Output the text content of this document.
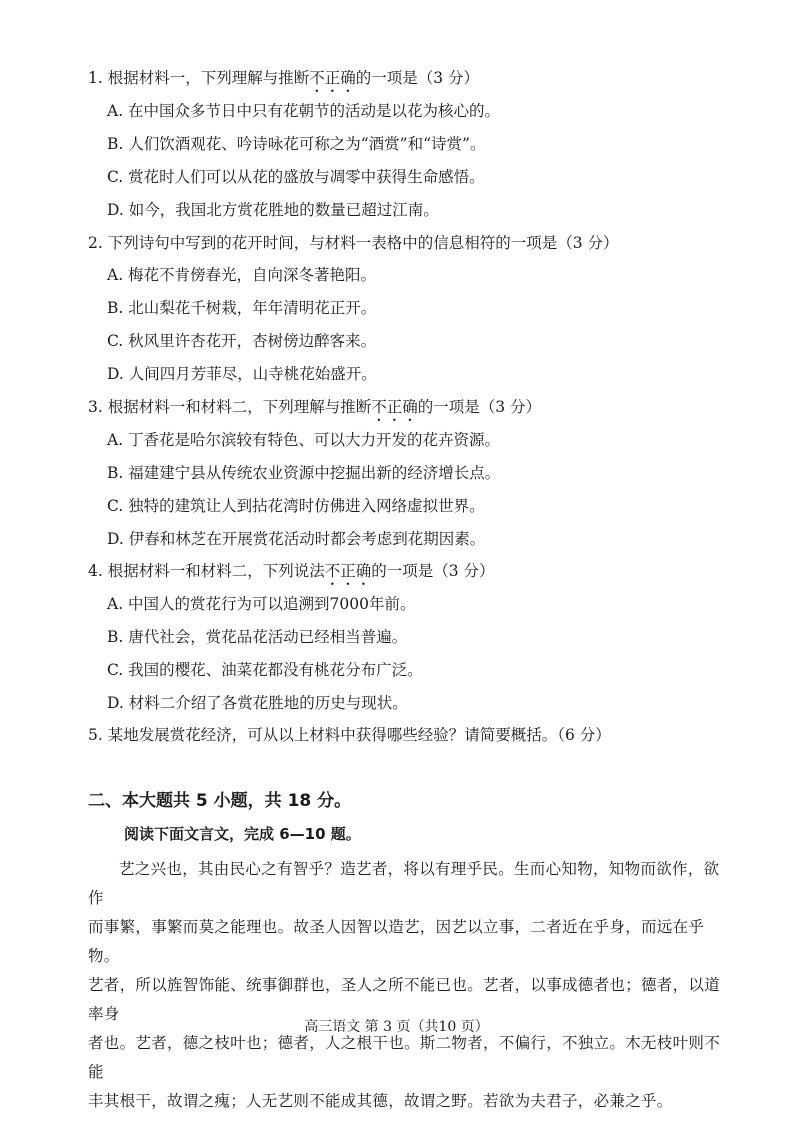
1. 根据材料一，下列理解与推断不正确的一项是（3 分）
A. 在中国众多节日中只有花朝节的活动是以花为核心的。
B. 人们饮酒观花、吟诗咏花可称之为“酒赏”和“诗赏”。
C. 赏花时人们可以从花的盛放与凋零中获得生命感悟。
D. 如今，我国北方赏花胜地的数量已超过江南。
2. 下列诗句中写到的花开时间，与材料一表格中的信息相符的一项是（3 分）
A. 梅花不肯傍春光，自向深冬著艳阳。
B. 北山梨花千树栽，年年清明花正开。
C. 秋风里许杏花开，杏树傍边醉客来。
D. 人间四月芳菲尽，山寺桃花始盛开。
3. 根据材料一和材料二，下列理解与推断不正确的一项是（3 分）
A. 丁香花是哈尔滨较有特色、可以大力开发的花卉资源。
B. 福建建宁县从传统农业资源中挖掘出新的经济增长点。
C. 独特的建筑让人到拈花湾时仿佛进入网络虚拟世界。
D. 伊春和林芝在开展赏花活动时都会考虑到花期因素。
4. 根据材料一和材料二，下列说法不正确的一项是（3 分）
A. 中国人的赏花行为可以追溯到7000年前。
B. 唐代社会，赏花品花活动已经相当普遍。
C. 我国的樱花、油菜花都没有桃花分布广泛。
D. 材料二介绍了各赏花胜地的历史与现状。
5. 某地发展赏花经济，可从以上材料中获得哪些经验？请简要概括。（6 分）
二、本大题共 5 小题，共 18 分。
阅读下面文言文，完成 6—10 题。
艺之兴也，其由民心之有智乎？造艺者，将以有理乎民。生而心知物，知物而欲作，欲作
而事繁，事繁而莫之能理也。故圣人因智以造艺，因艺以立事，二者近在乎身，而远在乎物。
艺者，所以旌智饰能、统事御群也，圣人之所不能已也。艺者，以事成德者也；德者，以道率身
者也。艺者，德之枝叶也；德者，人之根干也。斯二物者，不偏行，不独立。木无枝叶则不能
丰其根干，故谓之瘣；人无艺则不能成其德，故谓之野。若欲为夫君子，必兼之乎。
高三语文 第 3 页（共10 页）
